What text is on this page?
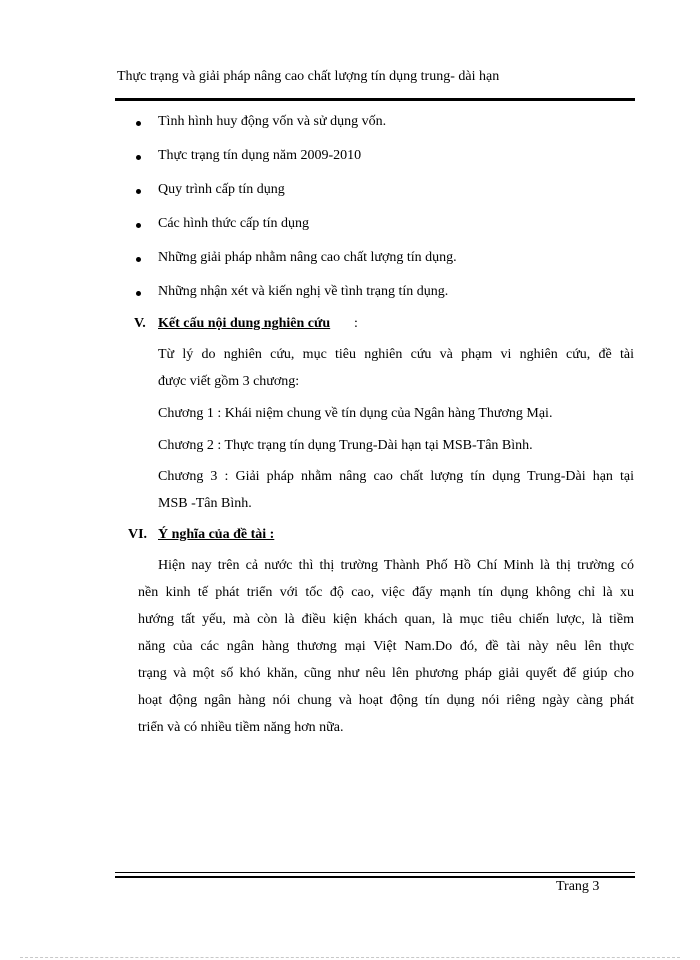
Thực trạng và giải pháp nâng cao chất lượng tín dụng trung- dài hạn
Tình hình huy động vốn và sử dụng vốn.
Thực trạng tín dụng năm 2009-2010
Quy trình cấp tín dụng
Các hình thức cấp tín dụng
Những giải pháp nhằm nâng cao chất lượng tín dụng.
Những nhận xét và kiến nghị về tình trạng tín dụng.
V. Kết cấu nội dung nghiên cứu :
Từ lý do nghiên cứu, mục tiêu nghiên cứu và phạm vi nghiên cứu, đề tài
được viết gồm 3 chương:
Chương 1 : Khái niệm chung về tín dụng của Ngân hàng Thương Mại.
Chương 2 : Thực trạng tín dụng Trung-Dài hạn tại MSB-Tân Bình.
Chương 3 : Giải pháp nhằm nâng cao chất lượng tín dụng Trung-Dài hạn tại
MSB -Tân Bình.
VI. Ý nghĩa của đề tài :
Hiện nay trên cả nước thì thị trường Thành Phố Hồ Chí Minh là thị trường có
nền kinh tế phát triển với tốc độ cao, việc đẩy mạnh tín dụng không chỉ là xu
hướng tất yếu, mà còn là điều kiện khách quan, là mục tiêu chiến lược, là tiềm
năng của các ngân hàng thương mại Việt Nam.Do đó, đề tài này nêu lên thực
trạng và một số khó khăn, cũng như nêu lên phương pháp giải quyết để giúp cho
hoạt động ngân hàng nói chung và hoạt động tín dụng nói riêng ngày càng phát
triển và có nhiều tiềm năng hơn nữa.
Trang 3
